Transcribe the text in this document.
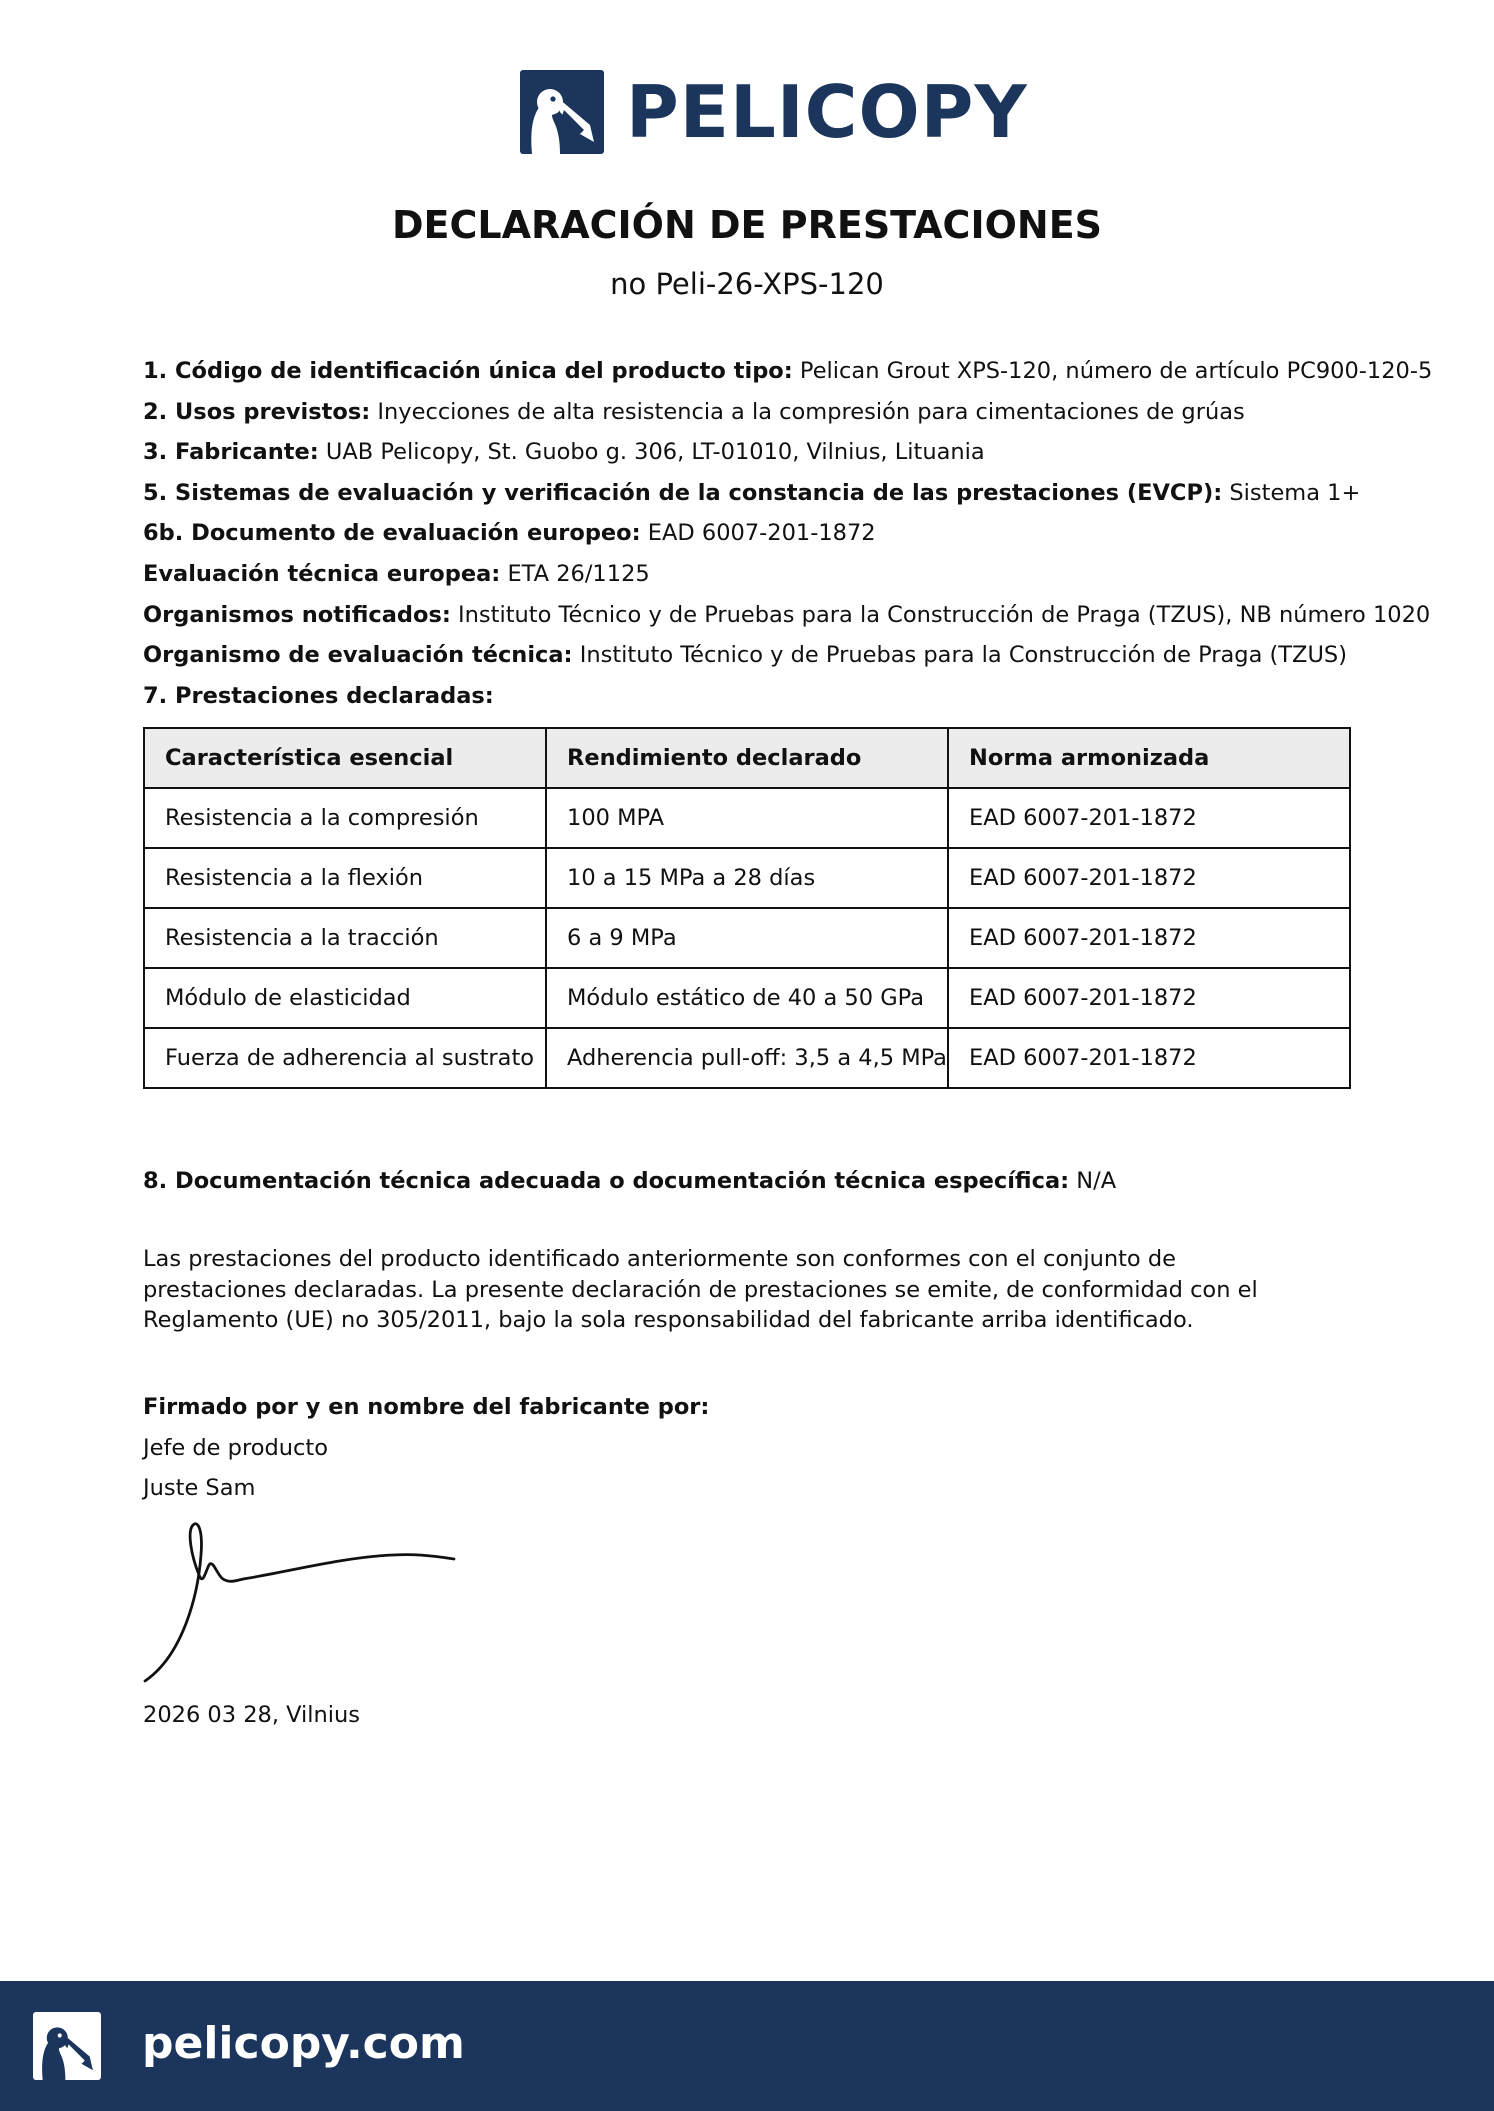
PELICOPY
DECLARACIÓN DE PRESTACIONES
no Peli-26-XPS-120
1. Código de identificación única del producto tipo: Pelican Grout XPS-120, número de artículo PC900-120-5
2. Usos previstos: Inyecciones de alta resistencia a la compresión para cimentaciones de grúas
3. Fabricante: UAB Pelicopy, St. Guobo g. 306, LT-01010, Vilnius, Lituania
5. Sistemas de evaluación y verificación de la constancia de las prestaciones (EVCP): Sistema 1+
6b. Documento de evaluación europeo: EAD 6007-201-1872
Evaluación técnica europea: ETA 26/1125
Organismos notificados: Instituto Técnico y de Pruebas para la Construcción de Praga (TZUS), NB número 1020
Organismo de evaluación técnica: Instituto Técnico y de Pruebas para la Construcción de Praga (TZUS)
7. Prestaciones declaradas:
Característica esencial	Rendimiento declarado	Norma armonizada
Resistencia a la compresión	100 MPA	EAD 6007-201-1872
Resistencia a la flexión	10 a 15 MPa a 28 días	EAD 6007-201-1872
Resistencia a la tracción	6 a 9 MPa	EAD 6007-201-1872
Módulo de elasticidad	Módulo estático de 40 a 50 GPa	EAD 6007-201-1872
Fuerza de adherencia al sustrato	Adherencia pull-off: 3,5 a 4,5 MPa	EAD 6007-201-1872
8. Documentación técnica adecuada o documentación técnica específica: N/A
Las prestaciones del producto identificado anteriormente son conformes con el conjunto de prestaciones declaradas. La presente declaración de prestaciones se emite, de conformidad con el Reglamento (UE) no 305/2011, bajo la sola responsabilidad del fabricante arriba identificado.
Firmado por y en nombre del fabricante por:
Jefe de producto
Juste Sam
2026 03 28, Vilnius
pelicopy.com
